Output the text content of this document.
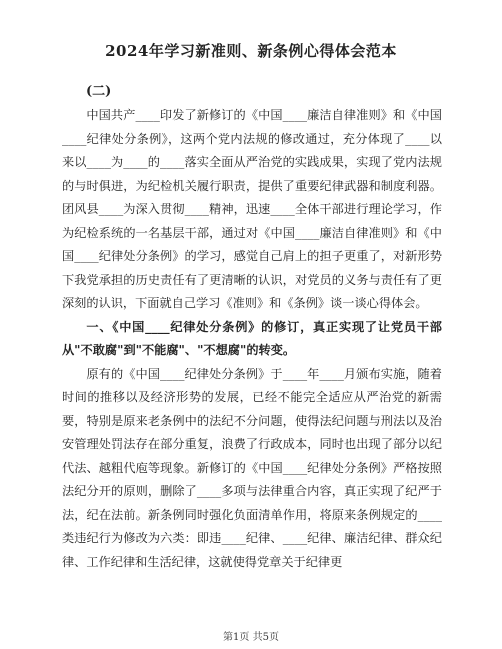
2024年学习新准则、新条例心得体会范本
(二)

中国共产____印发了新修订的《中国____廉洁自律准则》和《中国____纪律处分条例》，这两个党内法规的修改通过，充分体现了____以来以____为____的____落实全面从严治党的实践成果，实现了党内法规的与时俱进，为纪检机关履行职责，提供了重要纪律武器和制度利器。团风县____为深入贯彻____精神，迅速____全体干部进行理论学习，作为纪检系统的一名基层干部，通过对《中国____廉洁自律准则》和《中国____纪律处分条例》的学习，感觉自己肩上的担子更重了，对新形势下我党承担的历史责任有了更清晰的认识，对党员的义务与责任有了更深刻的认识，下面就自己学习《准则》和《条例》谈一谈心得体会。

一、《中国____纪律处分条例》的修订，真正实现了让党员干部从"不敢腐"到"不能腐"、"不想腐"的转变。

原有的《中国____纪律处分条例》于____年____月颁布实施，随着时间的推移以及经济形势的发展，已经不能完全适应从严治党的新需要，特别是原来老条例中的法纪不分问题，使得法纪问题与刑法以及治安管理处罚法存在部分重复，浪费了行政成本，同时也出现了部分以纪代法、越粗代庖等现象。新修订的《中国____纪律处分条例》严格按照法纪分开的原则，删除了____多项与法律重合内容，真正实现了纪严于法，纪在法前。新条例同时强化负面清单作用，将原来条例规定的____类违纪行为修改为六类：即违____纪律、____纪律、廉洁纪律、群众纪律、工作纪律和生活纪律，这就使得党章关于纪律更

第1页 共5页
